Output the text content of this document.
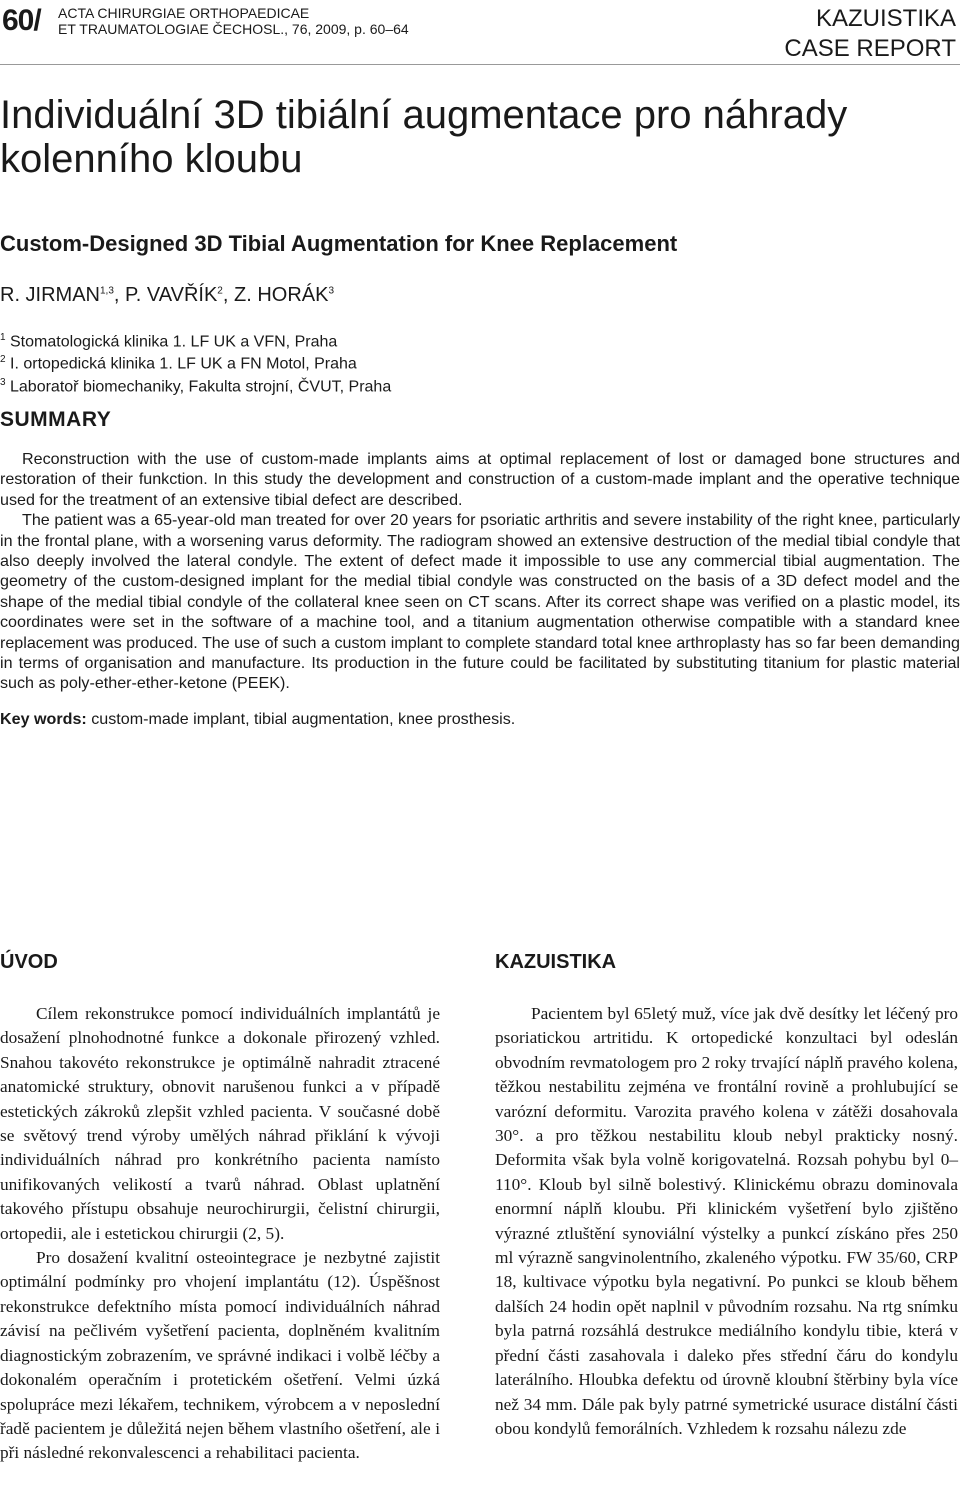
60/ ACTA CHIRURGIAE ORTHOPAEDICAE
ET TRAUMATOLOGIAE ČECHOSL., 76, 2009, p. 60–64	KAZUISTIKA
CASE REPORT
Individuální 3D tibiální augmentace pro náhrady kolenního kloubu
Custom-Designed 3D Tibial Augmentation for Knee Replacement
R. JIRMAN$^{1,3}$, P. VAVŘÍK$^2$, Z. HORÁK$^3$
$^1$ Stomatologická klinika 1. LF UK a VFN, Praha
$^2$ I. ortopedická klinika 1. LF UK a FN Motol, Praha
$^3$ Laboratoř biomechaniky, Fakulta strojní, ČVUT, Praha
SUMMARY

Reconstruction with the use of custom-made implants aims at optimal replacement of lost or damaged bone structures and restoration of their funkction. In this study the development and construction of a custom-made implant and the operative technique used for the treatment of an extensive tibial defect are described.

The patient was a 65-year-old man treated for over 20 years for psoriatic arthritis and severe instability of the right knee, particularly in the frontal plane, with a worsening varus deformity. The radiogram showed an extensive destruction of the medial tibial condyle that also deeply involved the lateral condyle. The extent of defect made it impossible to use any commercial tibial augmentation. The geometry of the custom-designed implant for the medial tibial condyle was constructed on the basis of a 3D defect model and the shape of the medial tibial condyle of the collateral knee seen on CT scans. After its correct shape was verified on a plastic model, its coordinates were set in the software of a machine tool, and a titanium augmentation otherwise compatible with a standard knee replacement was produced. The use of such a custom implant to complete standard total knee arthroplasty has so far been demanding in terms of organisation and manufacture. Its production in the future could be facilitated by substituting titanium for plastic material such as poly-ether-ether-ketone (PEEK).

Key words: custom-made implant, tibial augmentation, knee prosthesis.
ÚVOD

Cílem rekonstrukce pomocí individuálních implantátů je dosažení plnohodnotné funkce a dokonale přirozený vzhled. Snahou takovéto rekonstrukce je optimálně nahradit ztracené anatomické struktury, obnovit narušenou funkci a v případě estetických zákroků zlepšit vzhled pacienta. V současné době se světový trend výroby umělých náhrad přiklání k vývoji individuálních náhrad pro konkrétního pacienta namísto unifikovaných velikostí a tvarů náhrad. Oblast uplatnění takového přístupu obsahuje neurochirurgii, čelistní chirurgii, ortopedii, ale i estetickou chirurgii (2, 5).

Pro dosažení kvalitní osteointegrace je nezbytné zajistit optimální podmínky pro vhojení implantátu (12). Úspěšnost rekonstrukce defektního místa pomocí individuálních náhrad závisí na pečlivém vyšetření pacienta, doplněném kvalitním diagnostickým zobrazením, ve správné indikaci i volbě léčby a dokonalém operačním i protetickém ošetření. Velmi úzká spolupráce mezi lékařem, technikem, výrobcem a v neposlední řadě pacientem je důležitá nejen během vlastního ošetření, ale i při následné rekonvalescenci a rehabilitaci pacienta.

KAZUISTIKA

Pacientem byl 65letý muž, více jak dvě desítky let léčený pro psoriatickou artritidu. K ortopedické konzultaci byl odeslán obvodním revmatologem pro 2 roky trvající náplň pravého kolena, těžkou nestabilitu zejména ve frontální rovině a prohlubující se varózní deformitu. Varozita pravého kolena v zátěži dosahovala 30°. a pro těžkou nestabilitu kloub nebyl prakticky nosný. Deformita však byla volně korigovatelná. Rozsah pohybu byl 0–110°. Kloub byl silně bolestivý. Klinickému obrazu dominovala enormní náplň kloubu. Při klinickém vyšetření bylo zjištěno výrazné ztluštění synoviální výstelky a punkcí získáno přes 250 ml výrazně sangvinolentního, zkaleného výpotku. FW 35/60, CRP 18, kultivace výpotku byla negativní. Po punkci se kloub během dalších 24 hodin opět naplnil v původním rozsahu. Na rtg snímku byla patrná rozsáhlá destrukce mediálního kondylu tibie, která v přední části zasahovala i daleko přes střední čáru do kondylu laterálního. Hloubka defektu od úrovně kloubní štěrbiny byla více než 34 mm. Dále pak byly patrné symetrické usurace distální části obou kondylů femorálních. Vzhledem k rozsahu nálezu zde
